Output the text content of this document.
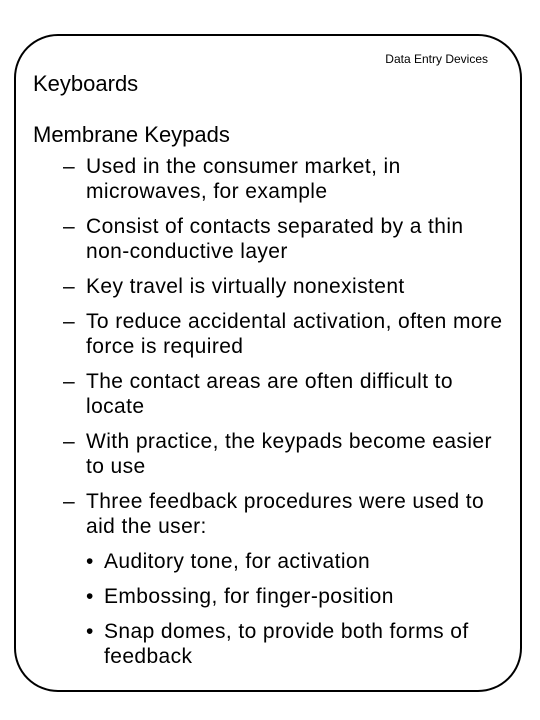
Data Entry Devices
Keyboards
Membrane Keypads
– Used in the consumer market, in microwaves, for example
– Consist of contacts separated by a thin non-conductive layer
– Key travel is virtually nonexistent
– To reduce accidental activation, often more force is required
– The contact areas are often difficult to locate
– With practice, the keypads become easier to use
– Three feedback procedures were used to aid the user:
• Auditory tone, for activation
• Embossing, for finger-position
• Snap domes, to provide both forms of feedback
